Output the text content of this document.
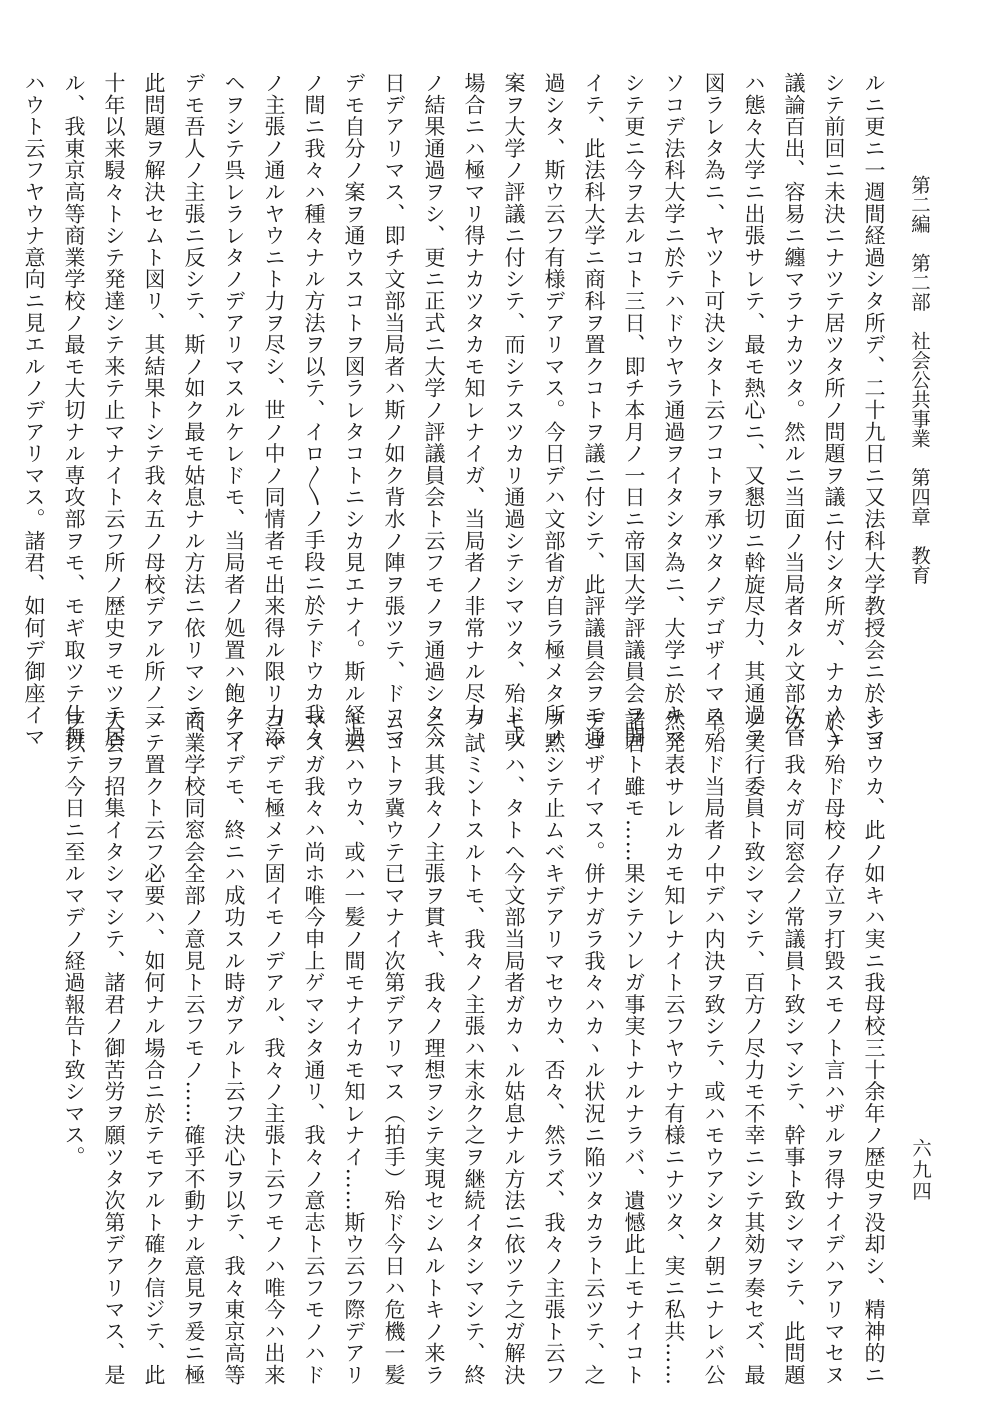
第二編　第二部　社会公共事業　第四章　教育
ルニ更ニ一週間経過シタ所デ、二十九日ニ又法科大学教授会ニ於キマ
シテ前回ニ未決ニナツテ居ツタ所ノ問題ヲ議ニ付シタ所ガ、ナカ〳〵
議論百出、容易ニ纏マラナカツタ。然ルニ当面ノ当局者タル文部次官
ハ態々大学ニ出張サレテ、最モ熱心ニ、又懇切ニ斡旋尽力、其通過ヲ
図ラレタ為ニ、ヤツト可決シタト云フコトヲ承ツタノデゴザイマス。
ソコデ法科大学ニ於テハドウヤラ通過ヲイタシタ為ニ、大学ニ於キマ
シテ更ニ今ヲ去ルコト三日、即チ本月ノ一日ニ帝国大学評議員会ヲ開
イテ、此法科大学ニ商科ヲ置クコトヲ議ニ付シテ、此評議員会ヲモ通
過シタ、斯ウ云フ有様デアリマス。今日デハ文部省ガ自ラ極メタ所ノ
案ヲ大学ノ評議ニ付シテ、而シテスツカリ通過シテシマツタ、殆ド或
場合ニハ極マリ得ナカツタカモ知レナイガ、当局者ノ非常ナル尽力
ノ結果通過ヲシ、更ニ正式ニ大学ノ評議員会ト云フモノヲ通過シタ今
日デアリマス、即チ文部当局者ハ斯ノ如ク背水ノ陣ヲ張ツテ、ドコマ
デモ自分ノ案ヲ通ウスコトヲ図ラレタコトニシカ見エナイ。斯ル経過
ノ間ニ我々ハ種々ナル方法ヲ以テ、イロ〳〵ノ手段ニ於テドウカ我々
ノ主張ノ通ルヤウニト力ヲ尽シ、世ノ中ノ同情者モ出来得ル限リ力添
ヘヲシテ呉レラレタノデアリマスルケレドモ、当局者ノ処置ハ飽クマ
デモ吾人ノ主張ニ反シテ、斯ノ如ク最モ姑息ナル方法ニ依リマシテ、
此問題ヲ解決セムト図リ、其結果トシテ我々五ノ母校デアル所ノ三
十年以来駸々トシテ発達シテ来テ止マナイト云フ所ノ歴史ヲモツテ居
ル、我東京高等商業学校ノ最モ大切ナル専攻部ヲモ、モギ取ツテ仕舞
ハウト云フヤウナ意向ニ見エルノデアリマス。諸君、如何デ御座イマ
シヨウカ、此ノ如キハ実ニ我母校三十余年ノ歴史ヲ没却シ、精神的ニ
於テ殆ド母校ノ存立ヲ打毀スモノト言ハザルヲ得ナイデハアリマセヌ
カ、我々ガ同窓会ノ常議員ト致シマシテ、幹事ト致シマシテ、此問題
ノ実行委員ト致シマシテ、百方ノ尽力モ不幸ニシテ其効ヲ奏セズ、最
早殆ド当局者ノ中デハ内決ヲ致シテ、或ハモウアシタノ朝ニナレバ公
然発表サレルカモ知レナイト云フヤウナ有様ニナツタ、実ニ私共……
諸君ト雖モ……果シテソレガ事実トナルナラバ、遺憾此上モナイコト
デゴザイマス。併ナガラ我々ハカヽル状況ニ陥ツタカラト云ツテ、之
ヲ黙シテ止ムベキデアリマセウカ、否々、然ラズ、我々ノ主張ト云フ
モノハ、タトヘ今文部当局者ガカヽル姑息ナル方法ニ依ツテ之ガ解決
ヲ試ミントスルトモ、我々ノ主張ハ末永ク之ヲ継続イタシマシテ、終
ニハ其我々ノ主張ヲ貫キ、我々ノ理想ヲシテ実現セシムルトキノ来ラ
ムコトヲ冀ウテ已マナイ次第デアリマス（拍手）殆ド今日ハ危機一髪
ト云ハウカ、或ハ一髪ノ間モナイカモ知レナイ……斯ウ云フ際デアリ
マスガ我々ハ尚ホ唯今申上ゲマシタ通リ、我々ノ意志ト云フモノハド
コマデモ極メテ固イモノデアル、我々ノ主張ト云フモノハ唯今ハ出来
ナイデモ、終ニハ成功スル時ガアルト云フ決心ヲ以テ、我々東京高等
商業学校同窓会全部ノ意見ト云フモノ……確乎不動ナル意見ヲ爰ニ極
メテ置クト云フ必要ハ、如何ナル場合ニ於テモアルト確ク信ジテ、此
大会ヲ招集イタシマシテ、諸君ノ御苦労ヲ願ツタ次第デアリマス、是
ヲ以テ今日ニ至ルマデノ経過報告ト致シマス。
六九四
